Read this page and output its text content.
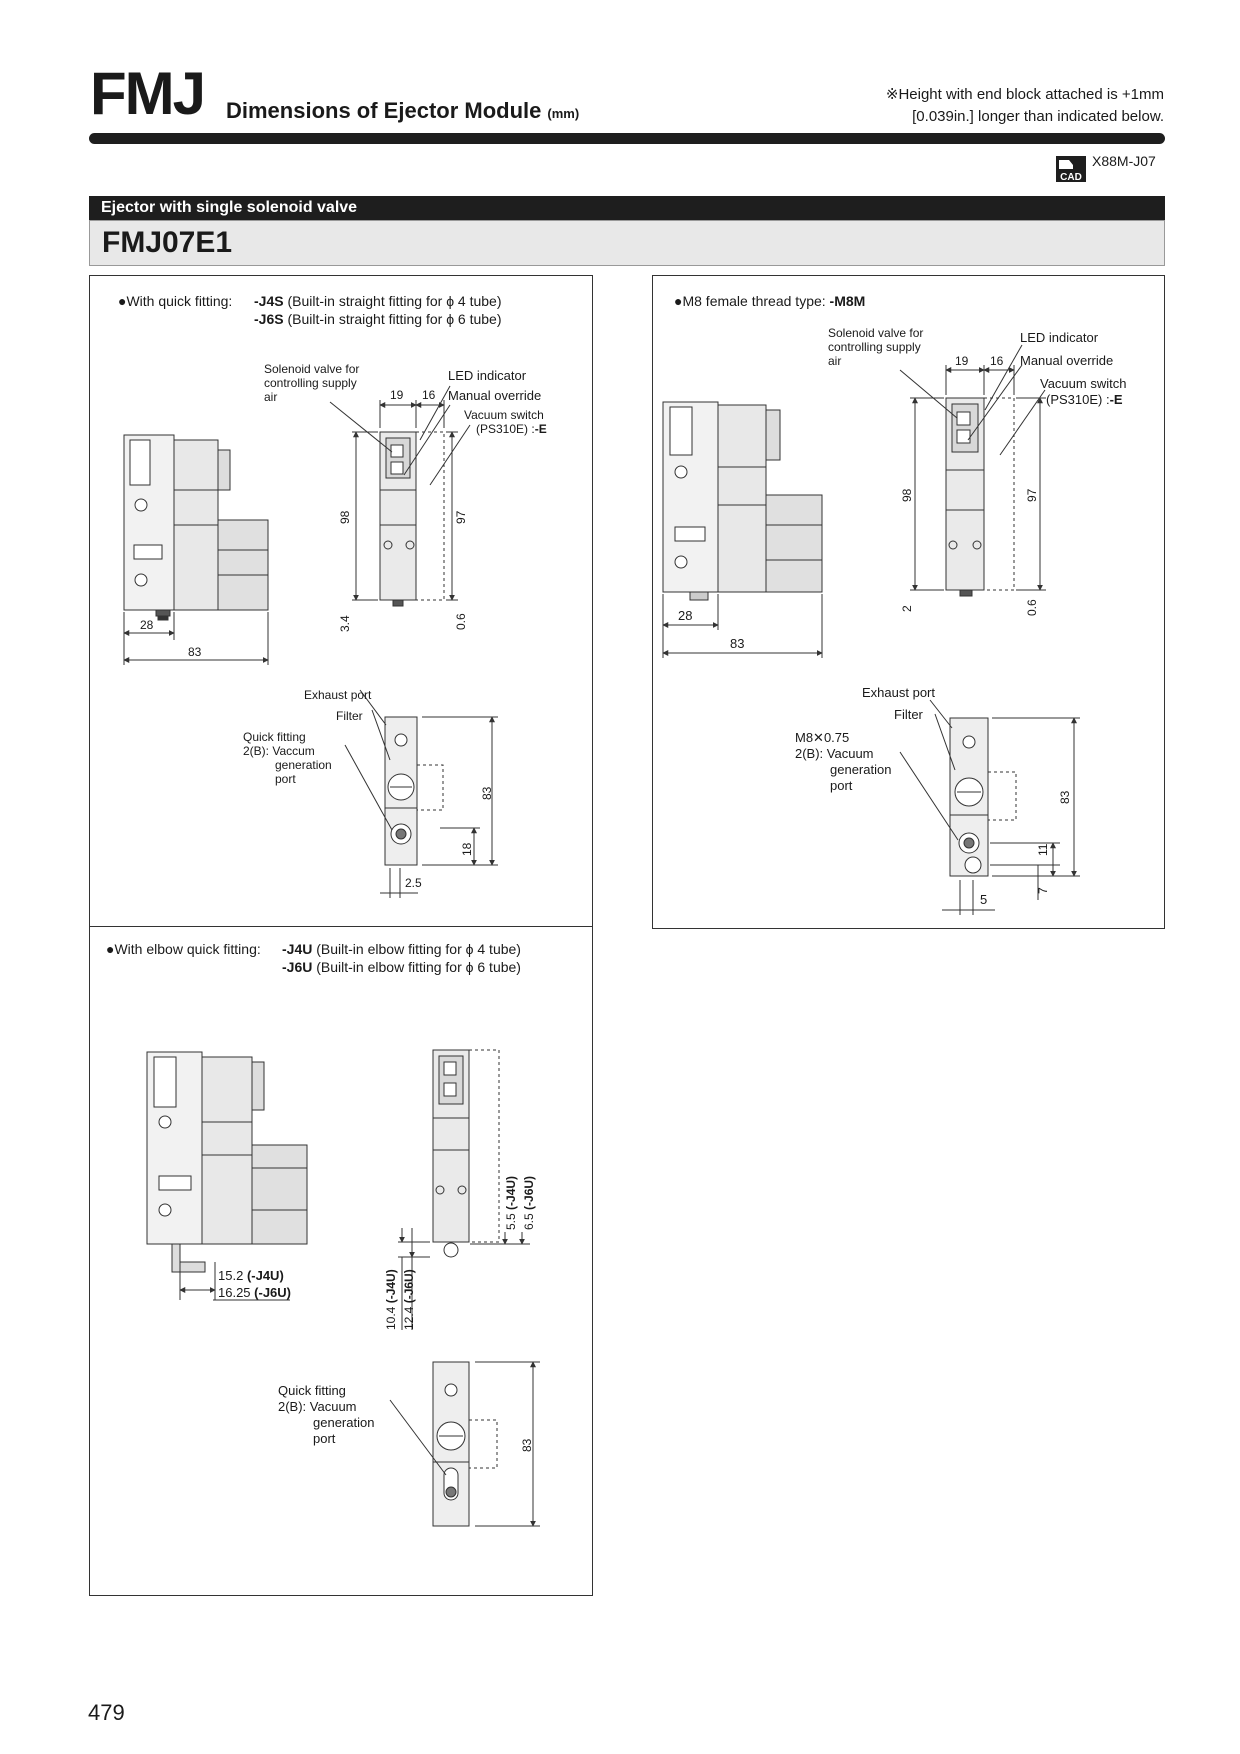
FMJ Dimensions of Ejector Module (mm)
※Height with end block attached is +1mm
[0.039in.] longer than indicated below.
CAD
X88M-J07
Ejector with single solenoid valve
FMJ07E1
●With quick fitting: -J4S (Built-in straight fitting for ϕ 4 tube)
-J6S (Built-in straight fitting for ϕ 6 tube)
Solenoid valve for
controlling supply
air
LED indicator
Manual override
Vacuum switch
(PS310E) :-E
19 16
98	97
3.4	0.6
28
83
Exhaust port
Filter
Quick fitting
2(B): Vaccum
generation
port
83
18
2.5
●M8 female thread type: -M8M
Solenoid valve for
controlling supply
air
LED indicator
Manual override
Vacuum switch
(PS310E) :-E
19 16
98	97
2	0.6
28
83
Exhaust port
Filter
M8✕0.75
2(B): Vacuum
generation
port
83
11
7
5
●With elbow quick fitting: -J4U (Built-in elbow fitting for ϕ 4 tube)
-J6U (Built-in elbow fitting for ϕ 6 tube)
15.2 (-J4U)
16.25 (-J6U)
5.5 (-J4U)
6.5 (-J6U)
10.4 (-J4U)
12.4 (-J6U)
Quick fitting
2(B): Vacuum
generation
port	83
479
